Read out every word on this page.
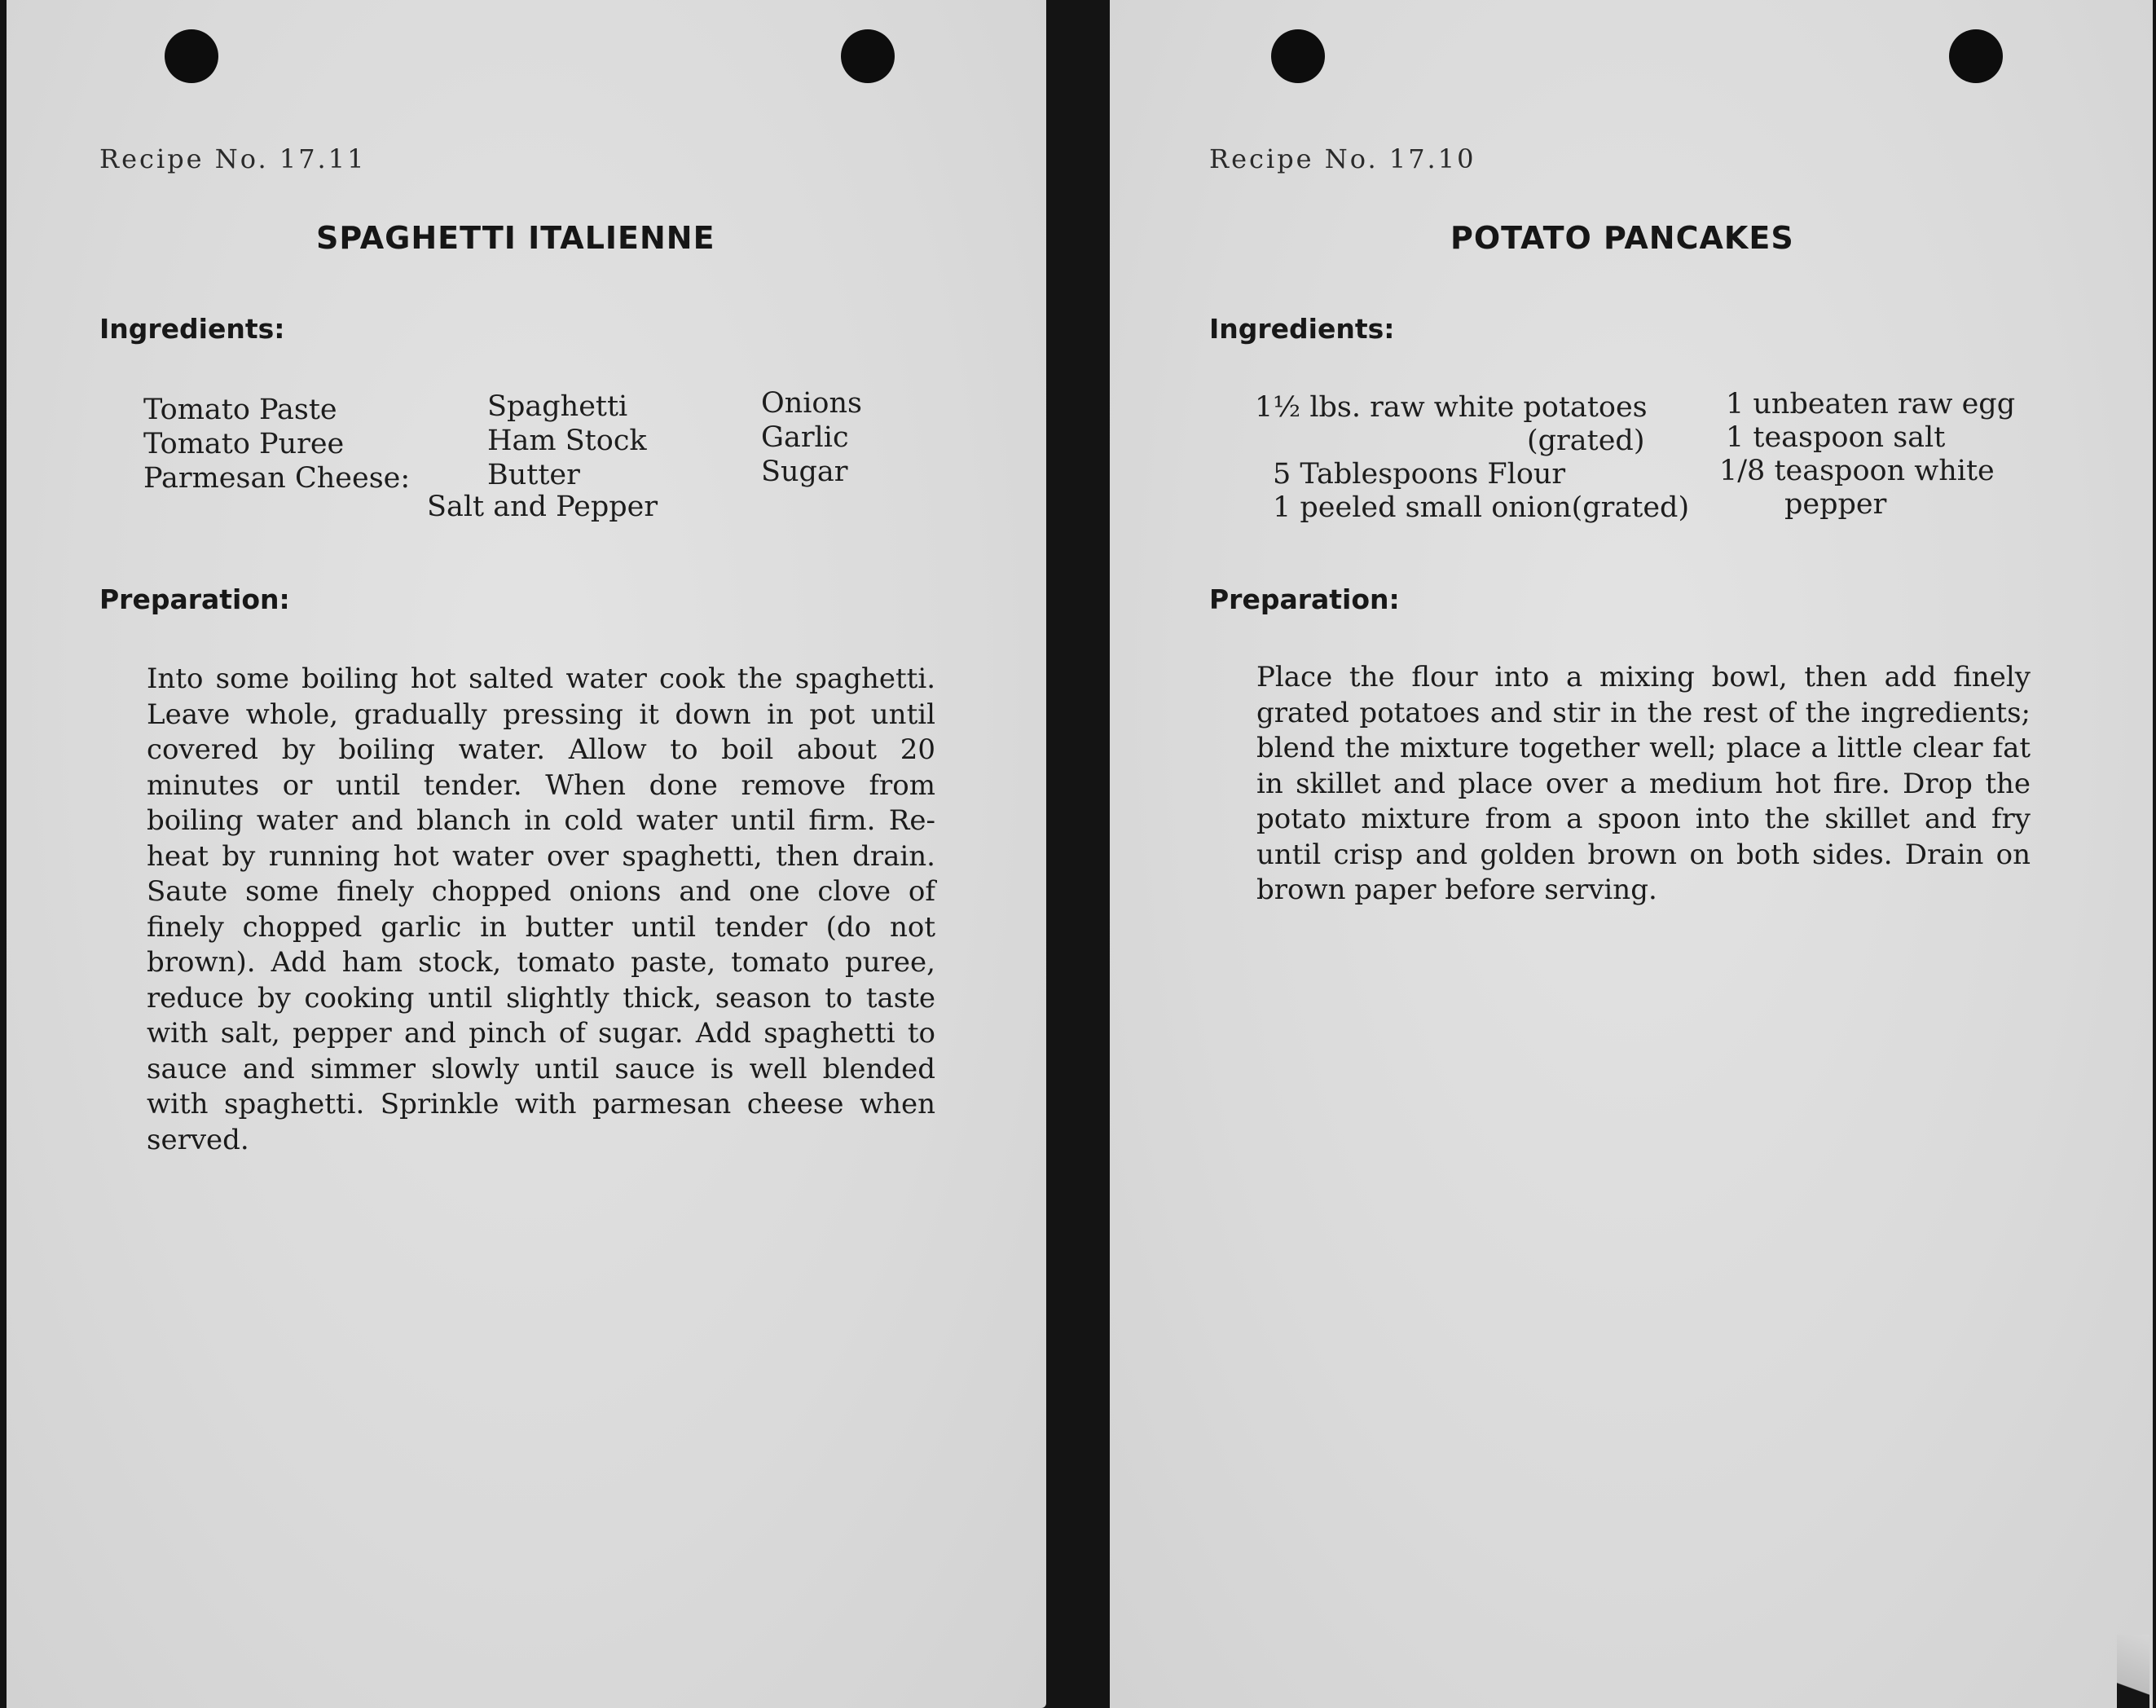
Recipe No. 17.11
SPAGHETTI ITALIENNE
Ingredients:
Tomato Paste
Tomato Puree
Parmesan Cheese:
Spaghetti
Ham Stock
Butter
Onions
Garlic
Sugar
Salt and Pepper
Preparation:

Into some boiling hot salted water cook the spaghetti. Leave whole, gradually pressing it down in pot until covered by boiling water. Allow to boil about 20 minutes or until tender. When done remove from boiling water and blanch in cold water until firm. Re-heat by running hot water over spaghetti, then drain. Saute some finely chopped onions and one clove of finely chopped garlic in butter until tender (do not brown). Add ham stock, tomato paste, tomato puree, reduce by cooking until slightly thick, season to taste with salt, pepper and pinch of sugar. Add spaghetti to sauce and simmer slowly until sauce is well blended with spaghetti. Sprinkle with parmesan cheese when served.

Recipe No. 17.10
POTATO PANCAKES
Ingredients:
1½ lbs. raw white potatoes
(grated)
5 Tablespoons Flour
1 peeled small onion(grated)
1 unbeaten raw egg
1 teaspoon salt
1/8 teaspoon white
pepper
Preparation:

Place the flour into a mixing bowl, then add finely grated potatoes and stir in the rest of the ingredients; blend the mixture together well; place a little clear fat in skillet and place over a medium hot fire. Drop the potato mixture from a spoon into the skillet and fry until crisp and golden brown on both sides. Drain on brown paper before serving.
